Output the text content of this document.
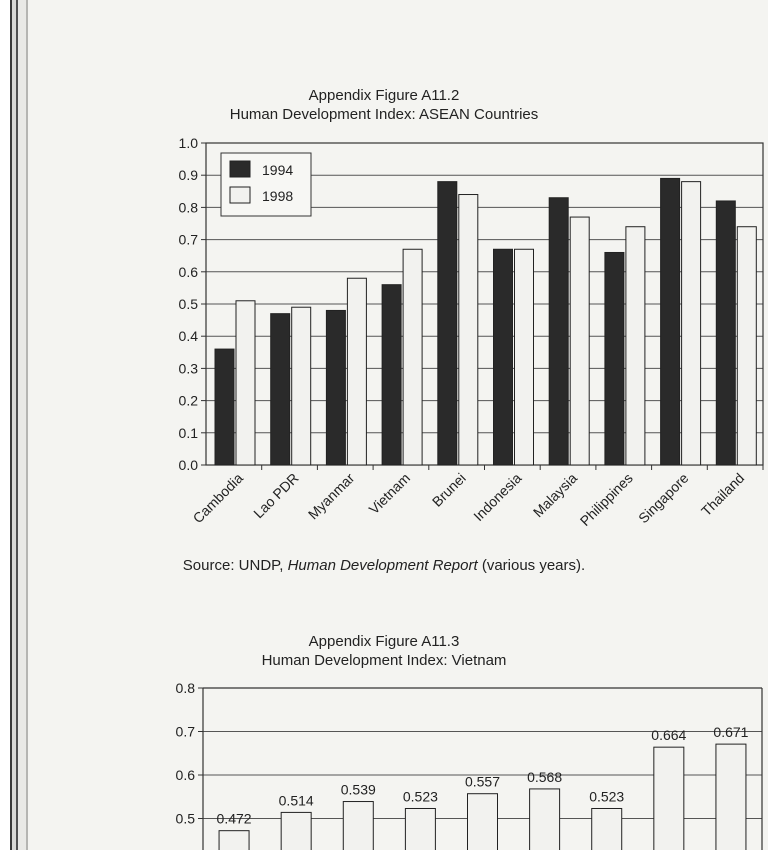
Appendix Figure A11.2
Human Development Index: ASEAN Countries
0.0
0.1
0.2
0.3
0.4
0.5
0.6
0.7
0.8
0.9
1.0
Cambodia Lao PDR Myanmar Vietnam Brunei Indonesia Malaysia
Philippines Singapore Thailand
1994
1998
Source: UNDP, Human Development Report (various years).
Appendix Figure A11.3
Human Development Index: Vietnam
0.5
0.6
0.7
0.8
0.472
0.514
0.539 0.523
0.557 0.568
0.523
0.664 0.671
